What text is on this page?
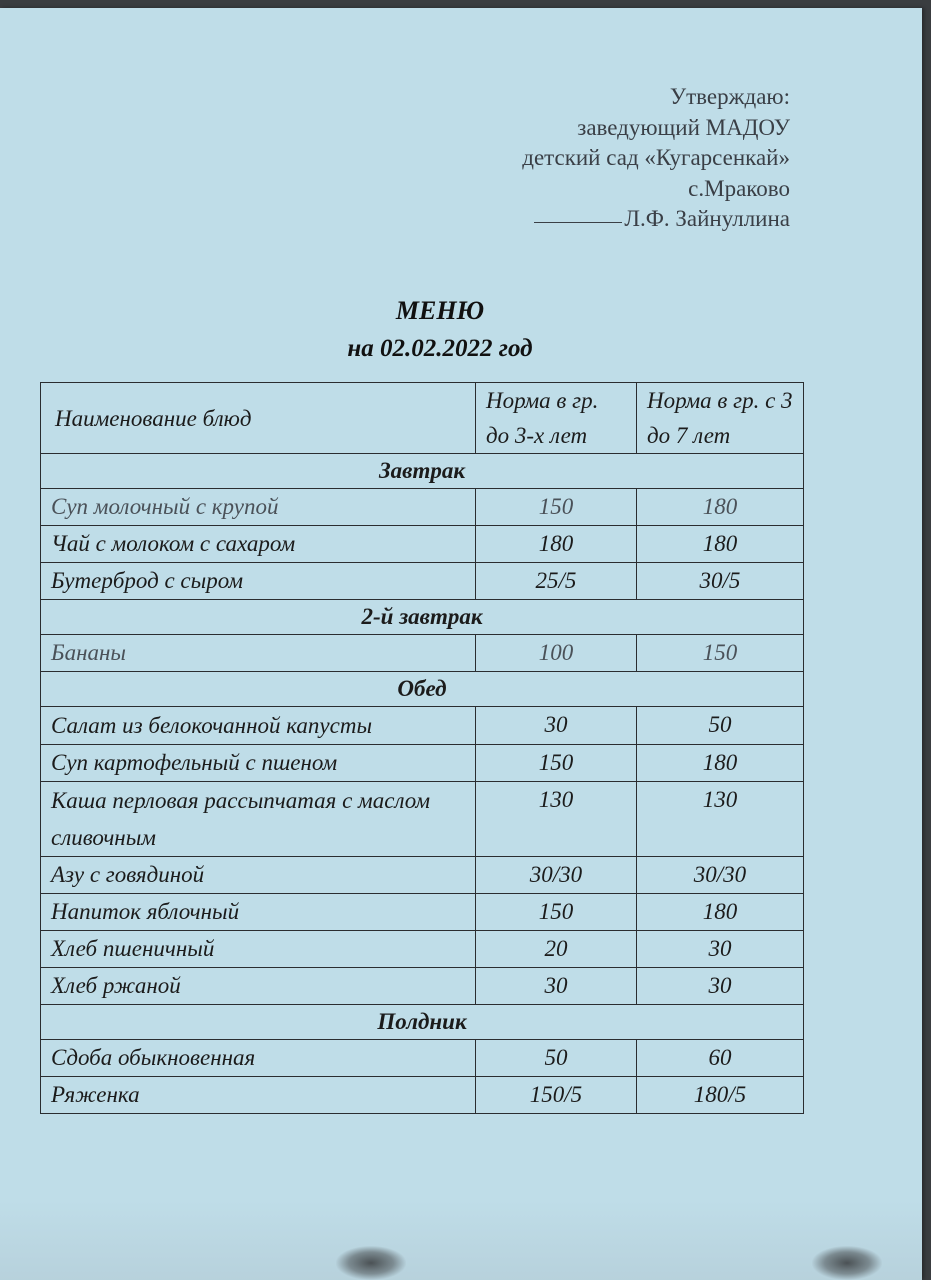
Утверждаю:
заведующий МАДОУ
детский сад «Кугарсенкай»
с.Мраково
Л.Ф. Зайнуллина
МЕНЮ
на 02.02.2022 год
Наименование блюд	Норма в гр. до 3-х лет	Норма в гр. с 3 до 7 лет
Завтрак		
Суп молочный с крупой	150	180
Чай с молоком с сахаром	180	180
Бутерброд с сыром	25/5	30/5
2-й завтрак		
Бананы	100	150
Обед		
Салат из белокочанной капусты	30	50
Суп картофельный с пшеном	150	180
Каша перловая рассыпчатая с маслом сливочным	130	130
Азу с говядиной	30/30	30/30
Напиток яблочный	150	180
Хлеб пшеничный	20	30
Хлеб ржаной	30	30
Полдник		
Сдоба обыкновенная	50	60
Ряженка	150/5	180/5
